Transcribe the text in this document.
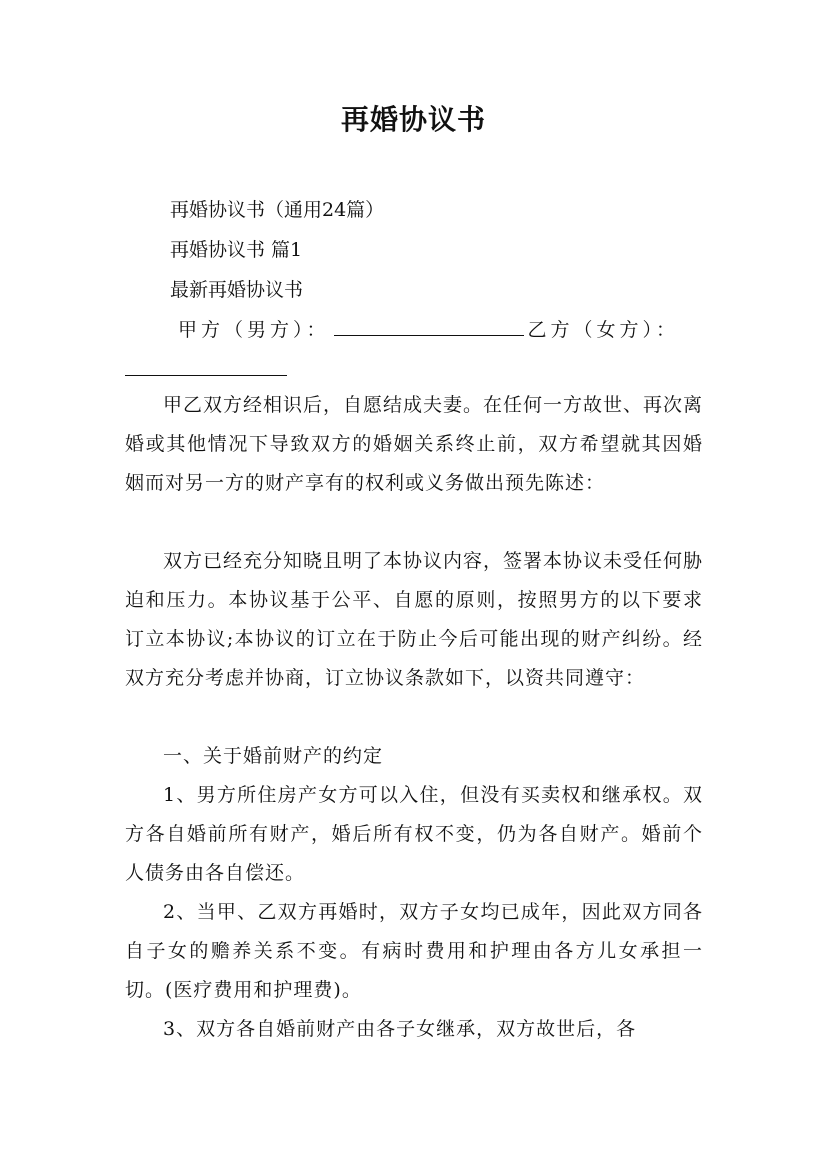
再婚协议书
再婚协议书（通用24篇）
再婚协议书 篇1
最新再婚协议书
甲方（男方）：	乙方（女方）：
甲乙双方经相识后，自愿结成夫妻。在任何一方故世、再次离婚或其他情况下导致双方的婚姻关系终止前，双方希望就其因婚姻而对另一方的财产享有的权利或义务做出预先陈述：
双方已经充分知晓且明了本协议内容，签署本协议未受任何胁迫和压力。本协议基于公平、自愿的原则，按照男方的以下要求订立本协议;本协议的订立在于防止今后可能出现的财产纠纷。经双方充分考虑并协商，订立协议条款如下，以资共同遵守：
一、关于婚前财产的约定
1、男方所住房产女方可以入住，但没有买卖权和继承权。双方各自婚前所有财产，婚后所有权不变，仍为各自财产。婚前个人债务由各自偿还。
2、当甲、乙双方再婚时，双方子女均已成年，因此双方同各自子女的赡养关系不变。有病时费用和护理由各方儿女承担一切。(医疗费用和护理费)。
3、双方各自婚前财产由各子女继承，双方故世后，各
